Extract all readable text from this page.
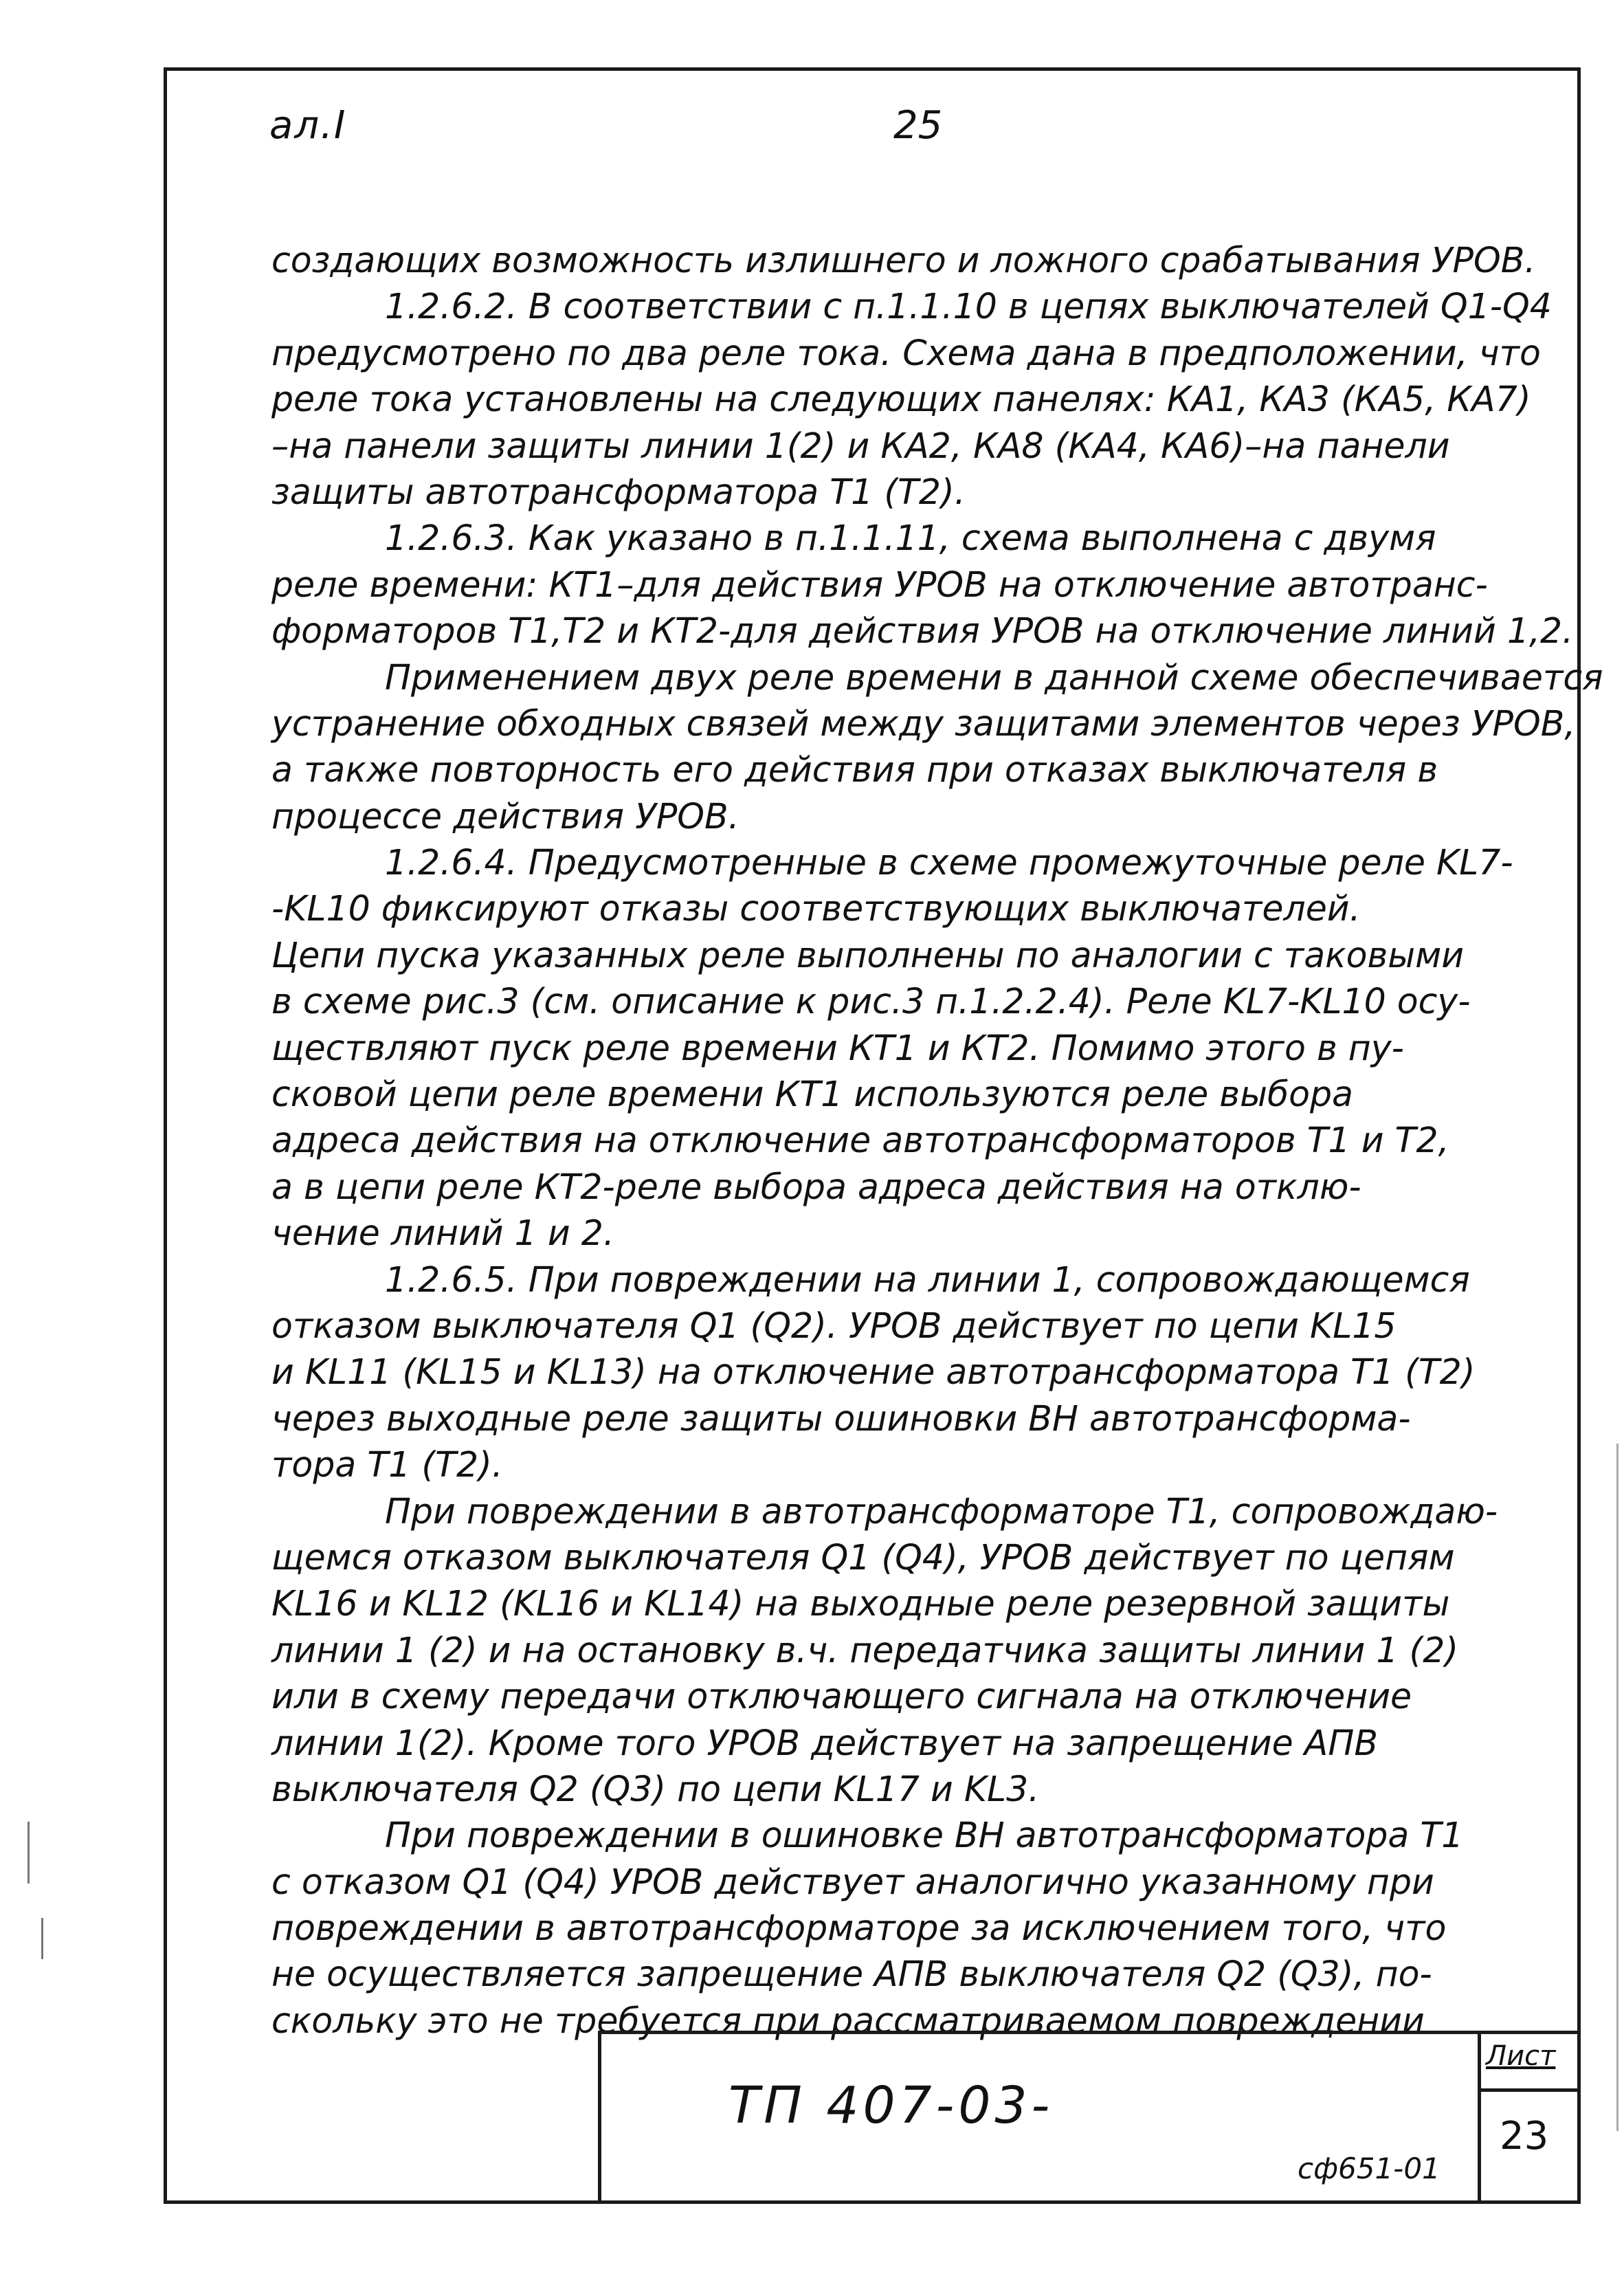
ал.I	25
создающих возможность излишнего и ложного срабатывания УРОВ.
1.2.6.2. В соответствии с п.1.1.10 в цепях выключателей Q1-Q4
предусмотрено по два реле тока. Схема дана в предположении, что
реле тока установлены на следующих панелях: КА1, КА3 (КА5, КА7)
–на панели защиты линии 1(2) и КА2, КА8 (КА4, КА6)–на панели
защиты автотрансформатора Т1 (Т2).
1.2.6.3. Как указано в п.1.1.11, схема выполнена с двумя
реле времени: КТ1–для действия УРОВ на отключение автотранс-
форматоров Т1,Т2 и КТ2-для действия УРОВ на отключение линий 1,2.
Применением двух реле времени в данной схеме обеспечивается
устранение обходных связей между защитами элементов через УРОВ,
а также повторность его действия при отказах выключателя в
процессе действия УРОВ.
1.2.6.4. Предусмотренные в схеме промежуточные реле KL7-
-KL10 фиксируют отказы соответствующих выключателей.
Цепи пуска указанных реле выполнены по аналогии с таковыми
в схеме рис.3 (см. описание к рис.3 п.1.2.2.4). Реле KL7-KL10 осу-
ществляют пуск реле времени КТ1 и КТ2. Помимо этого в пу-
сковой цепи реле времени КТ1 используются реле выбора
адреса действия на отключение автотрансформаторов Т1 и Т2,
а в цепи реле КТ2-реле выбора адреса действия на отклю-
чение линий 1 и 2.
1.2.6.5. При повреждении на линии 1, сопровождающемся
отказом выключателя Q1 (Q2). УРОВ действует по цепи KL15
и KL11 (KL15 и KL13) на отключение автотрансформатора Т1 (Т2)
через выходные реле защиты ошиновки ВН автотрансформа-
тора Т1 (Т2).
При повреждении в автотрансформаторе Т1, сопровождаю-
щемся отказом выключателя Q1 (Q4), УРОВ действует по цепям
KL16 и KL12 (KL16 и KL14) на выходные реле резервной защиты
линии 1 (2) и на остановку в.ч. передатчика защиты линии 1 (2)
или в схему передачи отключающего сигнала на отключение
линии 1(2). Кроме того УРОВ действует на запрещение АПВ
выключателя Q2 (Q3) по цепи KL17 и KL3.
При повреждении в ошиновке ВН автотрансформатора Т1
с отказом Q1 (Q4) УРОВ действует аналогично указанному при
повреждении в автотрансформаторе за исключением того, что
не осуществляется запрещение АПВ выключателя Q2 (Q3), по-
скольку это не требуется при рассматриваемом повреждении
ТП 407-03-
сф651-01
Лист
23
